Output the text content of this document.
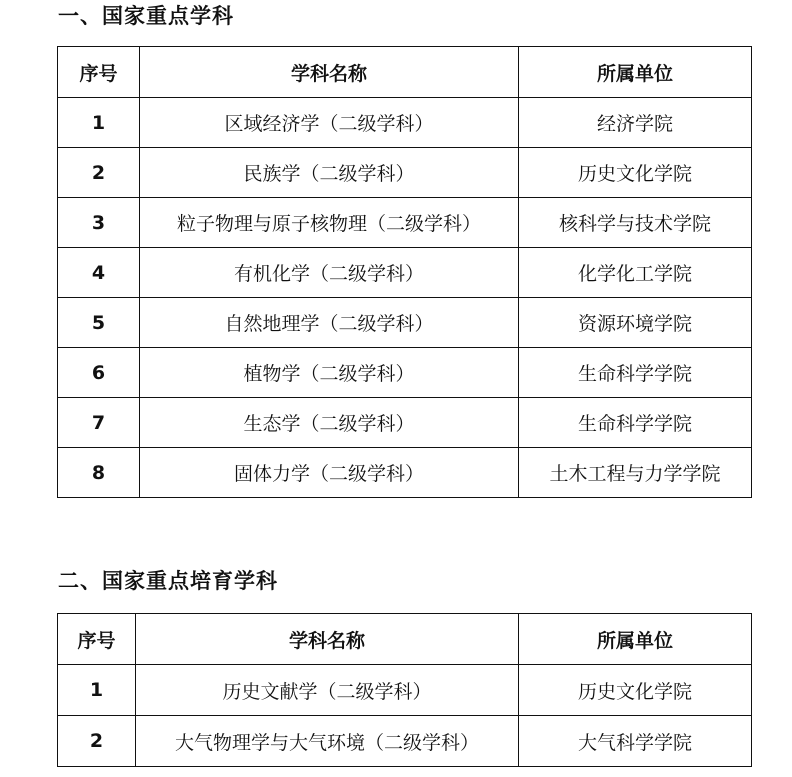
一、国家重点学科
序号	学科名称	所属单位
1	区域经济学（二级学科）	经济学院
2	民族学（二级学科）	历史文化学院
3	粒子物理与原子核物理（二级学科）	核科学与技术学院
4	有机化学（二级学科）	化学化工学院
5	自然地理学（二级学科）	资源环境学院
6	植物学（二级学科）	生命科学学院
7	生态学（二级学科）	生命科学学院
8	固体力学（二级学科）	土木工程与力学学院
二、国家重点培育学科
序号	学科名称	所属单位
1	历史文献学（二级学科）	历史文化学院
2	大气物理学与大气环境（二级学科）	大气科学学院
